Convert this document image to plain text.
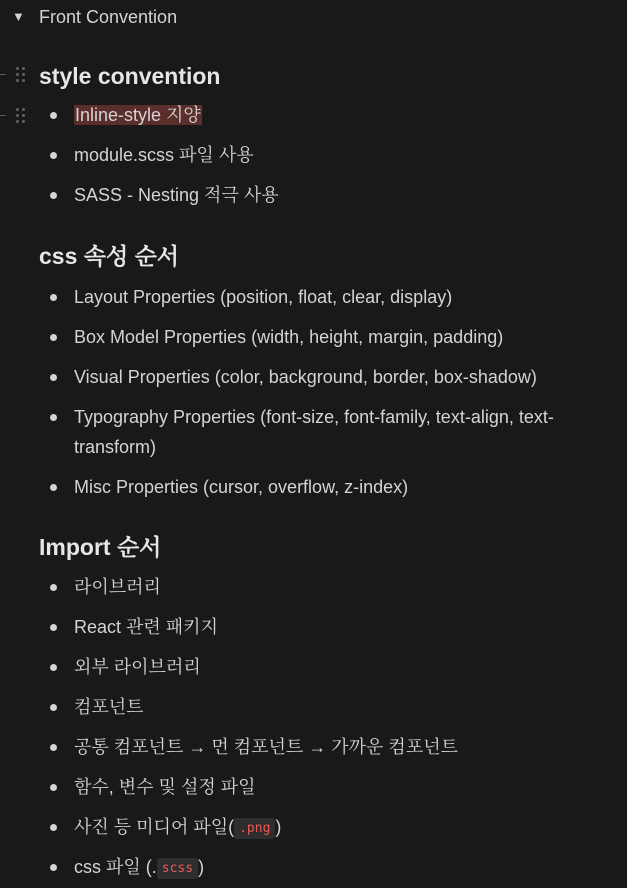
▼ Front Convention
style convention
Inline-style 지양
module.scss 파일 사용
SASS - Nesting 적극 사용
css 속성 순서
Layout Properties (position, float, clear, display)
Box Model Properties (width, height, margin, padding)
Visual Properties (color, background, border, box-shadow)
Typography Properties (font-size, font-family, text-align, text-transform)
Misc Properties (cursor, overflow, z-index)
Import 순서
라이브러리
React 관련 패키지
외부 라이브러리
컴포넌트
공통 컴포넌트 → 먼 컴포넌트 → 가까운 컴포넌트
함수, 변수 및 설정 파일
사진 등 미디어 파일( .png )
css 파일 (. scss )
